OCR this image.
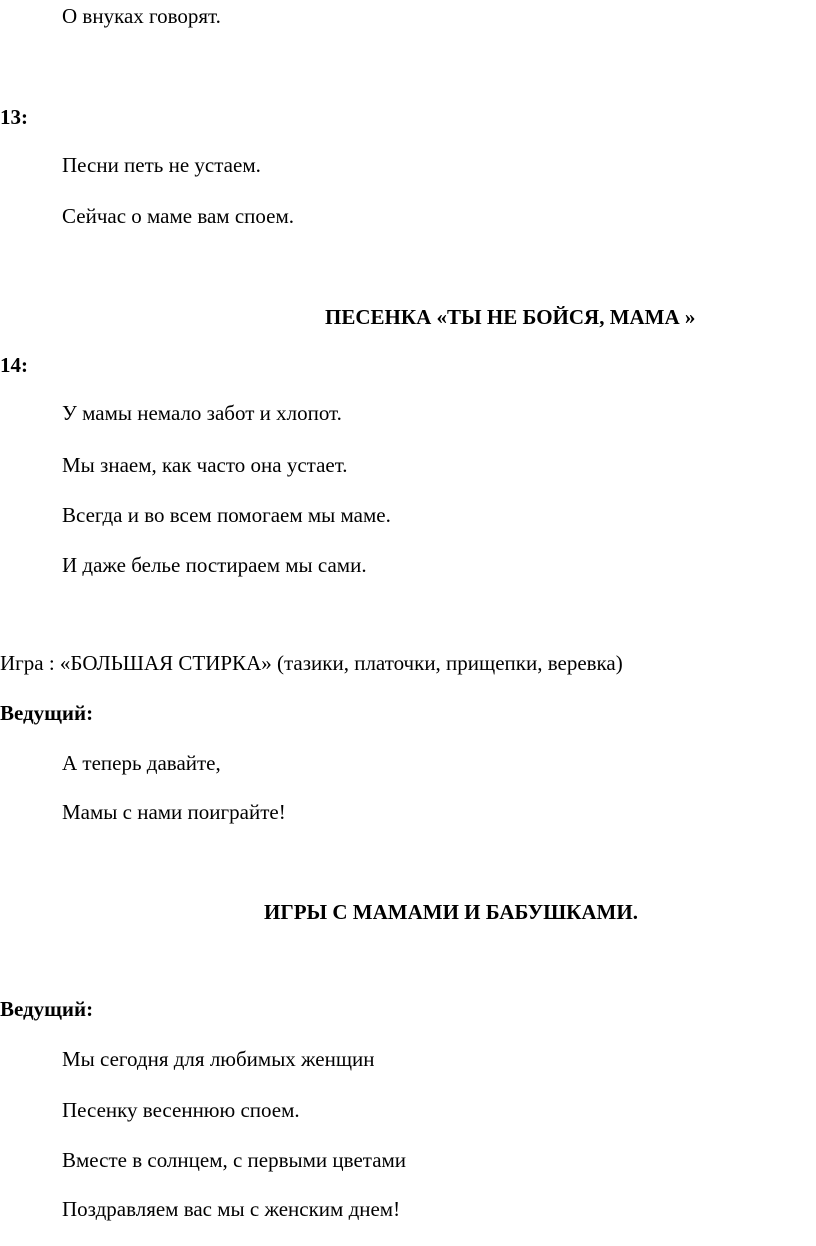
О внуках говорят.
13:
Песни петь не устаем.
Сейчас о маме вам споем.
ПЕСЕНКА «ТЫ НЕ БОЙСЯ, МАМА »
14:
У мамы немало забот и хлопот.
Мы знаем, как часто она устает.
Всегда и во всем помогаем мы маме.
И даже белье постираем мы сами.
Игра : «БОЛЬШАЯ СТИРКА» (тазики, платочки, прищепки, веревка)
Ведущий:
А теперь давайте,
Мамы с нами поиграйте!
ИГРЫ С МАМАМИ И БАБУШКАМИ.
Ведущий:
Мы сегодня для любимых женщин
Песенку весеннюю споем.
Вместе в солнцем, с первыми цветами
Поздравляем вас мы с женским днем!
